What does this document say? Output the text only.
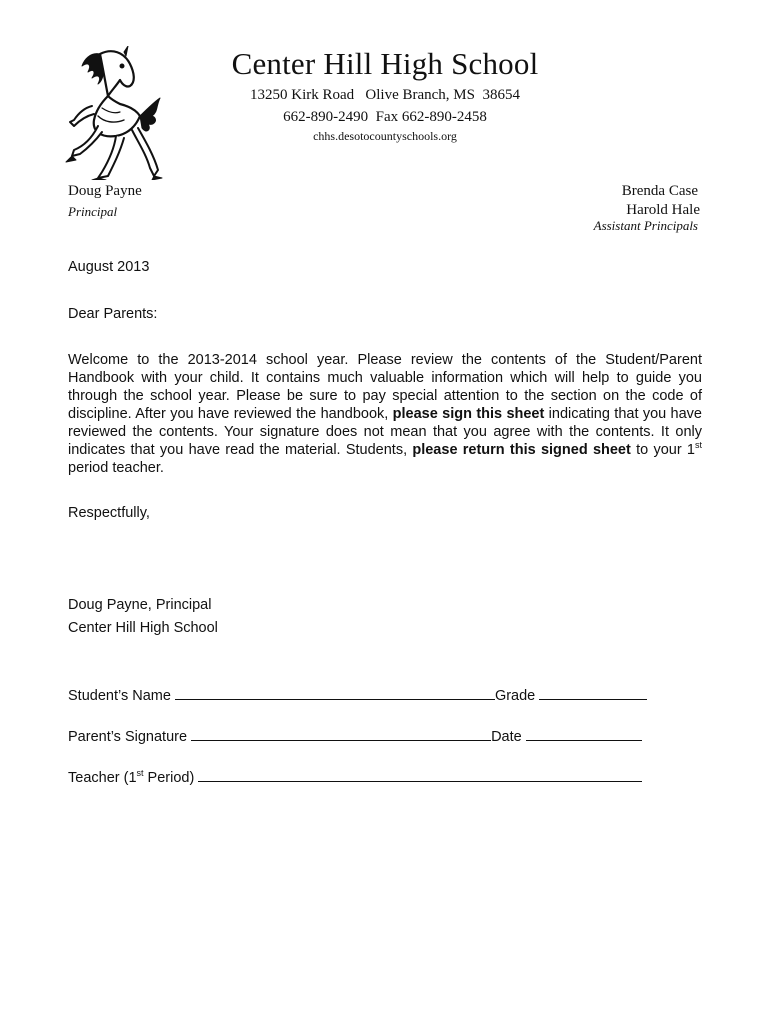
Center Hill High School
13250 Kirk Road   Olive Branch, MS  38654
662-890-2490  Fax 662-890-2458
chhs.desotocountyschools.org
Doug Payne
Principal
Brenda Case
Harold Hale
Assistant Principals
August 2013
Dear Parents:
Welcome to the 2013-2014 school year. Please review the contents of the Student/Parent Handbook with your child. It contains much valuable information which will help to guide you through the school year. Please be sure to pay special attention to the section on the code of discipline. After you have reviewed the handbook, please sign this sheet indicating that you have reviewed the contents. Your signature does not mean that you agree with the contents. It only indicates that you have read the material. Students, please return this signed sheet to your 1st period teacher.
Respectfully,
Doug Payne, Principal
Center Hill High School
Student’s Name	Grade
Parent’s Signature	Date
Teacher (1st Period)
